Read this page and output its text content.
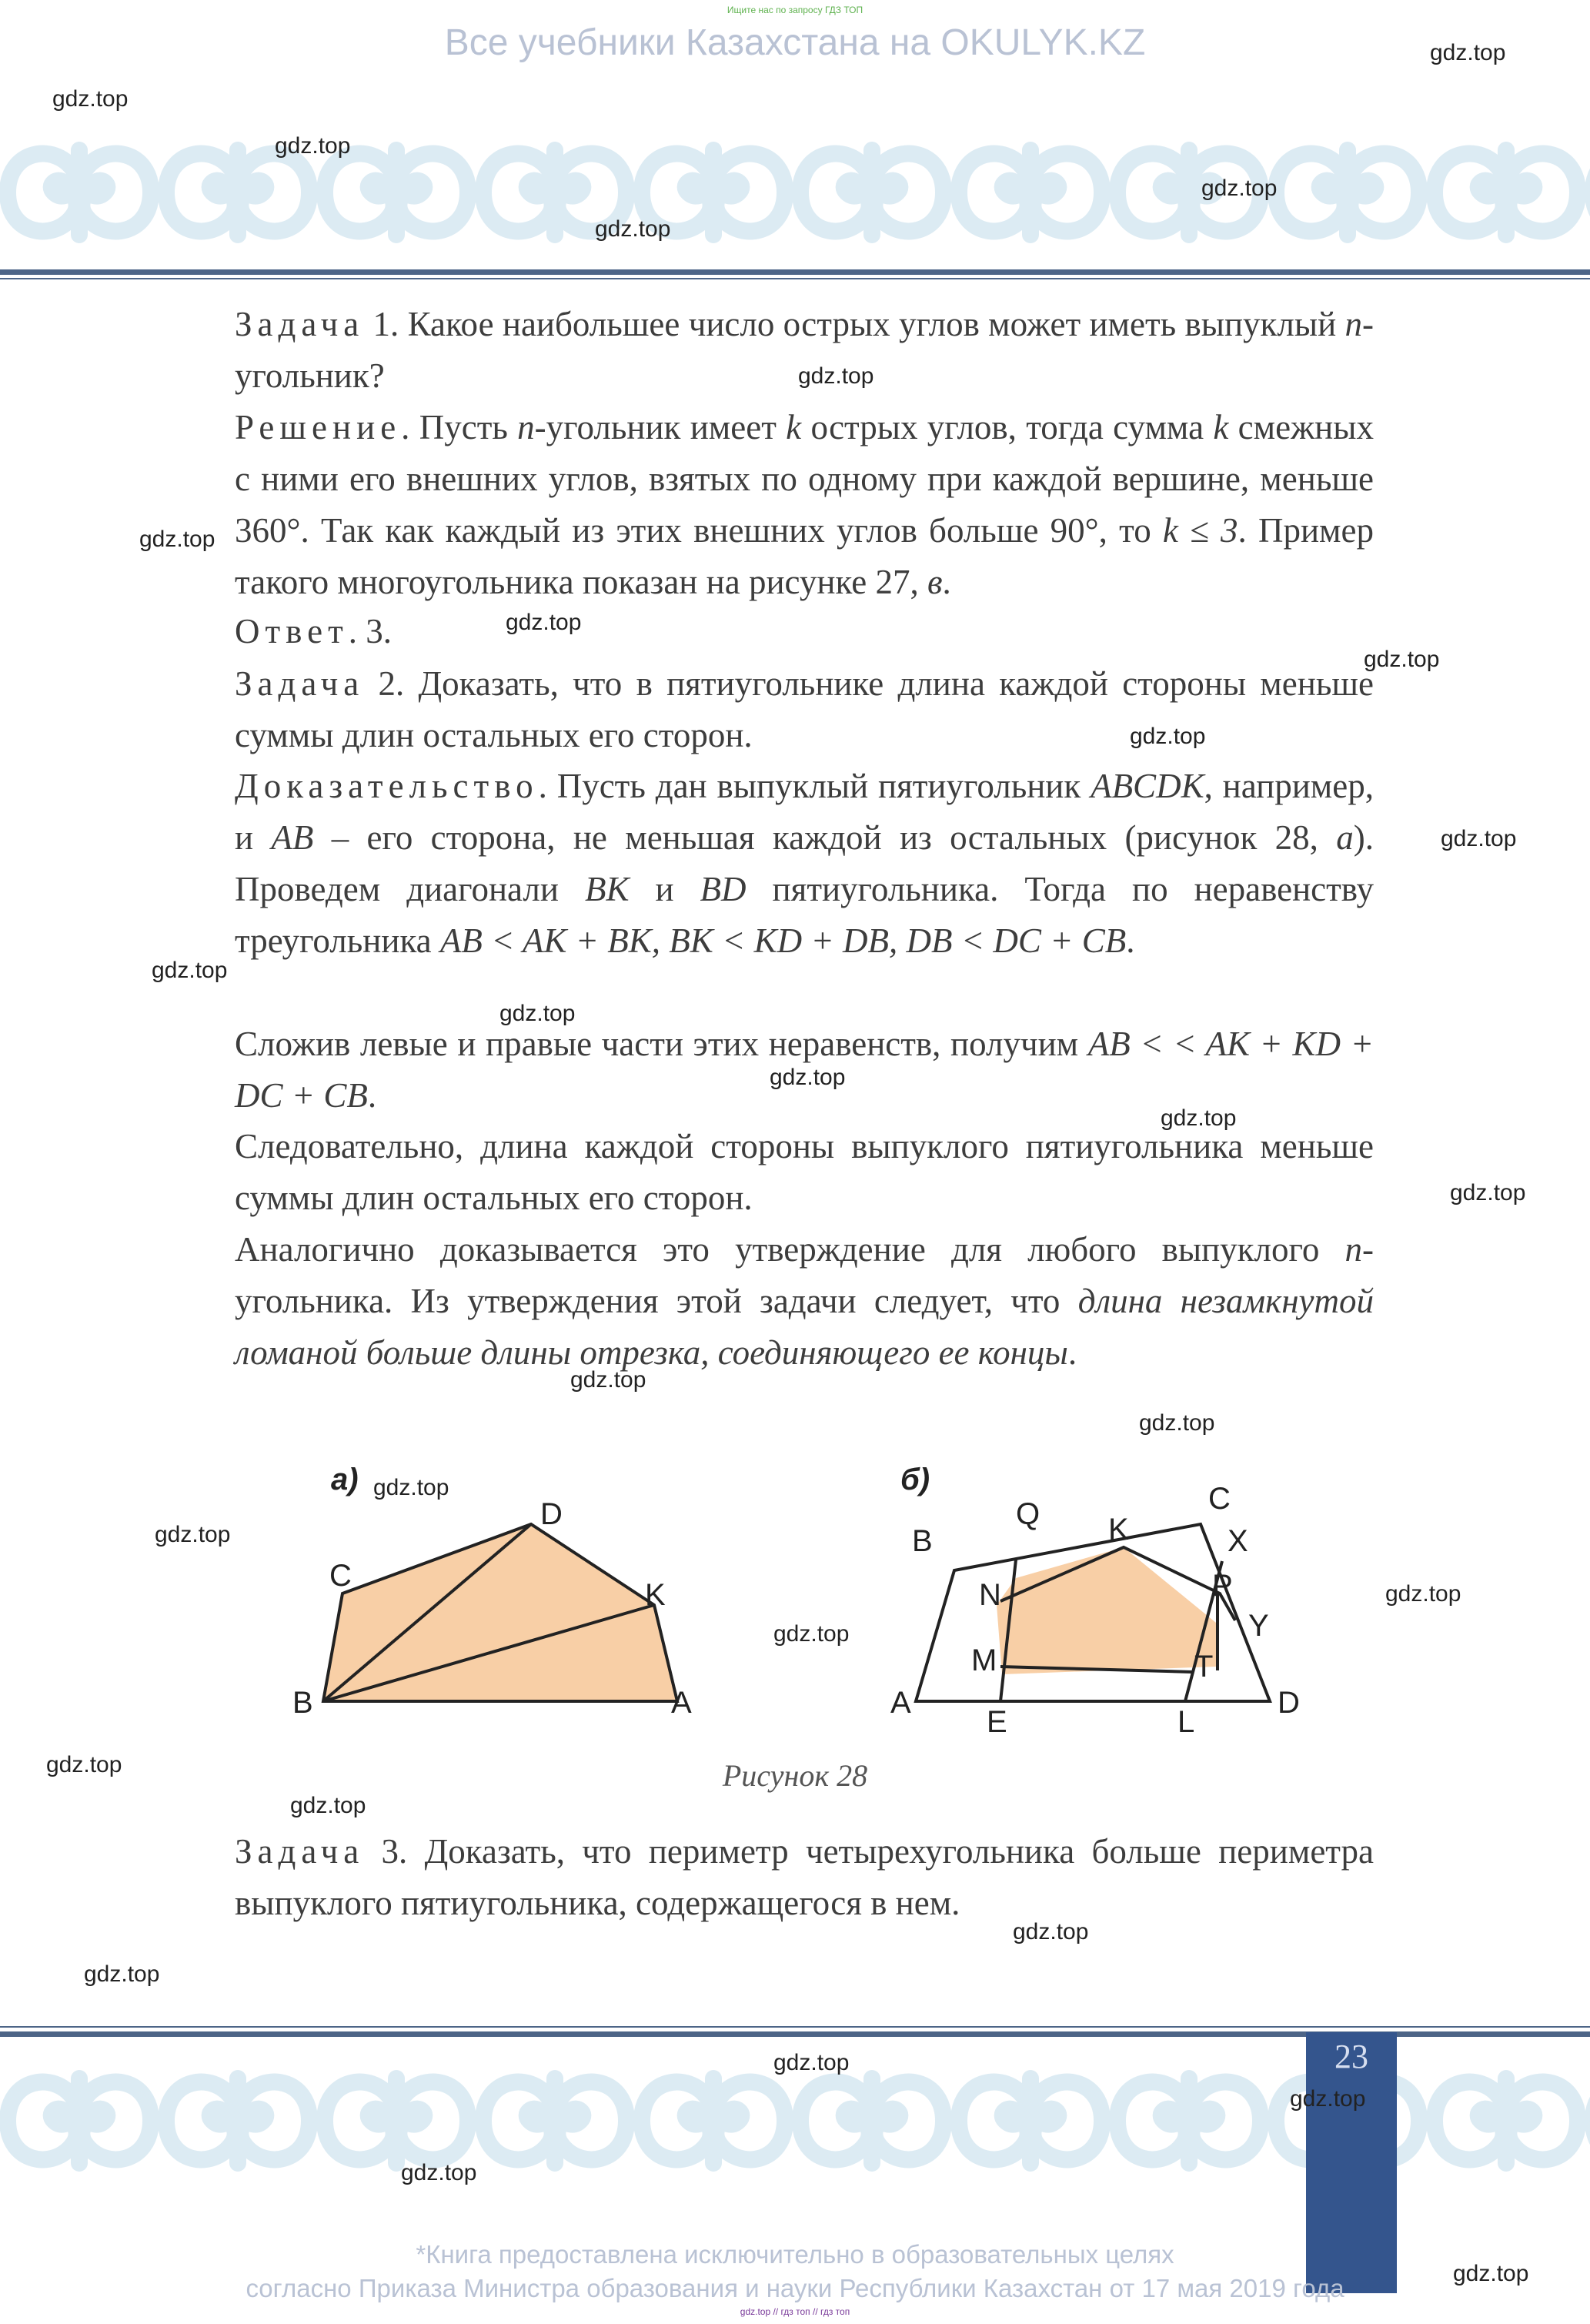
Ищите нас по запросу ГДЗ ТОП
Все учебники Казахстана на OKULYK.KZ

Задача 1. Какое наибольшее число острых углов может иметь выпуклый n-угольник?

Решение. Пусть n-угольник имеет k острых углов, тогда сумма k смежных с ними его внешних углов, взятых по одному при каждой вершине, меньше 360°. Так как каждый из этих внешних углов больше 90°, то k ≤ 3. Пример такого многоугольника показан на рисунке 27, в.

Ответ. 3.

Задача 2. Доказать, что в пятиугольнике длина каждой стороны меньше суммы длин остальных его сторон.

Доказательство. Пусть дан выпуклый пятиугольник ABCDK, например, и AB – его сторона, не меньшая каждой из остальных (рисунок 28, а). Проведем диагонали BK и BD пятиугольника. Тогда по неравенству треугольника AB < AK + BK, BK < KD + DB, DB < DC + CB.

Сложив левые и правые части этих неравенств, получим AB < < AK + KD + DC + CB.

Следовательно, длина каждой стороны выпуклого пятиугольника меньше суммы длин остальных его сторон.

Аналогично доказывается это утверждение для любого выпуклого n-угольника. Из утверждения этой задачи следует, что длина незамкнутой ломаной больше длины отрезка, соединяющего ее концы.

а)
B
C
D
K
A
б)
B
Q	C
X
K
N	P
Y
M	T
A	D
E	L
Рисунок 28

Задача 3. Доказать, что периметр четырехугольника больше периметра выпуклого пятиугольника, содержащегося в нем.

23
*Книга предоставлена исключительно в образовательных целях
согласно Приказа Министра образования и науки Республики Казахстан от 17 мая 2019 года
gdz.top // гдз топ // гдз топ
gdz.top
gdz.top
gdz.top
gdz.top
gdz.top
gdz.top
gdz.top
gdz.top
gdz.top
gdz.top
gdz.top
gdz.top
gdz.top
gdz.top
gdz.top
gdz.top
gdz.top
gdz.top
gdz.top
gdz.top
gdz.top
gdz.top
gdz.top
gdz.top
gdz.top
gdz.top
gdz.top
gdz.top
gdz.top
gdz.top
